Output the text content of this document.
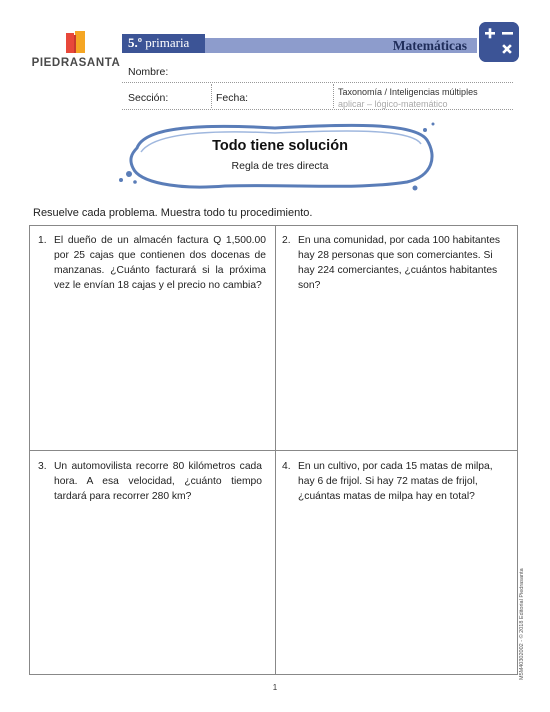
PIEDRASANTA
5.º primaria	Matemáticas
Nombre:
Sección:	Fecha:	Taxonomía / Inteligencias múltiples
aplicar – lógico-matemático
Todo tiene solución
Regla de tres directa
Resuelve cada problema. Muestra todo tu procedimiento.
1. El dueño de un almacén factura Q 1,500.00 por 25 cajas que contienen dos docenas de manzanas. ¿Cuánto facturará si la próxima vez le envían 18 cajas y el precio no cambia?
2. En una comunidad, por cada 100 habitantes hay 28 personas que son comerciantes. Si hay 224 comerciantes, ¿cuántos habitantes son?
3. Un automovilista recorre 80 kilómetros cada hora. A esa velocidad, ¿cuánto tiempo tardará para recorrer 280 km?
4. En un cultivo, por cada 15 matas de milpa, hay 6 de frijol. Si hay 72 matas de frijol, ¿cuántas matas de milpa hay en total?
1
M5M40302002 - © 2018 Editorial Piedrasanta
